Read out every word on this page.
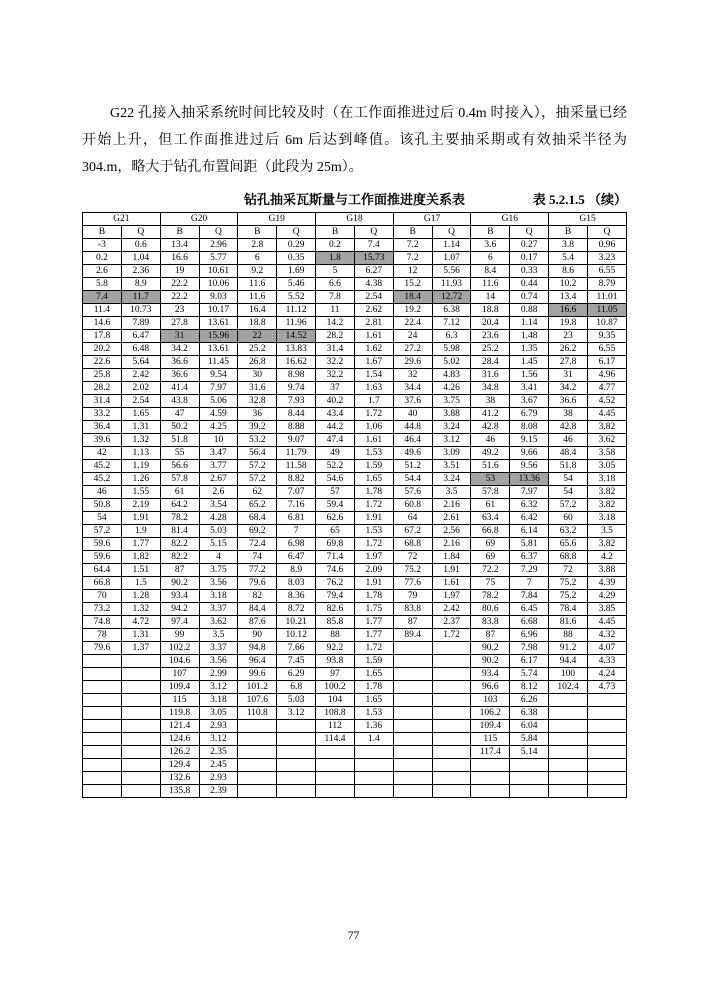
G22 孔接入抽采系统时间比较及时（在工作面推进过后 0.4m 时接入），抽采量已经开始上升，但工作面推进过后 6m 后达到峰值。该孔主要抽采期或有效抽采半径为 304.m，略大于钻孔布置间距（此段为 25m）。

钻孔抽采瓦斯量与工作面推进度关系表	表 5.2.1.5 （续）
G21		G20		G19		G18		G17		G16		G15	
B	Q	B	Q	B	Q	B	Q	B	Q	B	Q	B	Q
-3	0.6	13.4	2.96	2.8	0.29	0.2	7.4	7.2	1.14	3.6	0.27	3.8	0.96
0.2	1.04	16.6	5.77	6	0.35	1.8	15.73	7.2	1.07	6	0.17	5.4	3.23
2.6	2.36	19	10.61	9.2	1.69	5	6.27	12	5.56	8.4	0.33	8.6	6.55
5.8	8.9	22.2	10.06	11.6	5.46	6.6	4.38	15.2	11.93	11.6	0.44	10.2	8.79
7.4	11.7	22.2	9.03	11.6	5.52	7.8	2.54	18.4	12.72	14	0.74	13.4	11.01
11.4	10.73	23	10.17	16.4	11.12	11	2.62	19.2	6.38	18.8	0.88	16.6	11.05
14.6	7.89	27.8	13.61	18.8	11.96	14.2	2.81	22.4	7.12	20.4	1.14	19.8	10.87
17.8	6.47	31	15.96	22	14.52	28.2	1.61	24	6.3	23.6	1.48	23	9.35
20.2	6.48	34.2	13.61	25.2	13.83	31.4	1.62	27.2	5.98	25.2	1.35	26.2	6.55
22.6	5.64	36.6	11.45	26.8	16.62	32.2	1.67	29.6	5.02	28.4	1.45	27.8	6.17
25.8	2.42	36.6	9.54	30	8.98	32.2	1.54	32	4.83	31.6	1.56	31	4.96
28.2	2.02	41.4	7.97	31.6	9.74	37	1.63	34.4	4.26	34.8	3.41	34.2	4.77
31.4	2.54	43.8	5.06	32.8	7.93	40.2	1.7	37.6	3.75	38	3.67	36.6	4.52
33.2	1.65	47	4.59	36	8.44	43.4	1.72	40	3.88	41.2	6.79	38	4.45
36.4	1.31	50.2	4.25	39.2	8.88	44.2	1.06	44.8	3.24	42.8	8.08	42.8	3.82
39.6	1.32	51.8	10	53.2	9.07	47.4	1.61	46.4	3.12	46	9.15	46	3.62
42	1.13	55	3.47	56.4	11.79	49	1.53	49.6	3.09	49.2	9.66	48.4	3.58
45.2	1.19	56.6	3.77	57.2	11.58	52.2	1.59	51.2	3.51	51.6	9.56	51.8	3.05
45.2	1.26	57.8	2.67	57.2	8.82	54.6	1.65	54.4	3.24	53	13.36	54	3.18
46	1.55	61	2.6	62	7.07	57	1.78	57.6	3.5	57.8	7.97	54	3.82
50.8	2.19	64.2	3.54	65.2	7.16	59.4	1.72	60.8	2.16	61	6.32	57.2	3.82
54	1.91	78.2	4.28	68.4	6.81	62.6	1.91	64	2.61	63.4	6.42	60	3.18
57.2	1.9	81.4	5.03	69.2	7	65	1.53	67.2	2.56	66.8	6.14	63.2	3.5
59.6	1.77	82.2	5.15	72.4	6.98	69.8	1.72	68.8	2.16	69	5.81	65.6	3.82
59.6	1.82	82.2	4	74	6.47	71.4	1.97	72	1.84	69	6.37	68.8	4.2
64.4	1.51	87	3.75	77.2	8.9	74.6	2.09	75.2	1.91	72.2	7.29	72	3.88
66.8	1.5	90.2	3.56	79.6	8.03	76.2	1.91	77.6	1.61	75	7	75.2	4.39
70	1.28	93.4	3.18	82	8.36	79.4	1.78	79	1.97	78.2	7.84	75.2	4.29
73.2	1.32	94.2	3.37	84.4	8.72	82.6	1.75	83.8	2.42	80.6	6.45	78.4	3.85
74.8	4.72	97.4	3.62	87.6	10.21	85.8	1.77	87	2.37	83.8	6.68	81.6	4.45
78	1.31	99	3.5	90	10.12	88	1.77	89.4	1.72	87	6.96	88	4.32
79.6	1.37	102.2	3.37	94.8	7.66	92.2	1.72			90.2	7.98	91.2	4.07
		104.6	3.56	96.4	7.45	93.8	1.59			90.2	6.17	94.4	4.33
		107	2.99	99.6	6.29	97	1.65			93.4	5.74	100	4.24
		109.4	3.12	101.2	6.8	100.2	1.78			96.6	8.12	102.4	4.73
		115	3.18	107.6	5.03	104	1.65			103	6.26		
		119.8	3.05	110.8	3.12	108.8	1.53			106.2	6.38		
		121.4	2.93			112	1.36			109.4	6.04		
		124.6	3.12			114.4	1.4			115	5.84		
		126.2	2.35							117.4	5.14		
		129.4	2.45										
		132.6	2.93										
		135.8	2.39										
77
